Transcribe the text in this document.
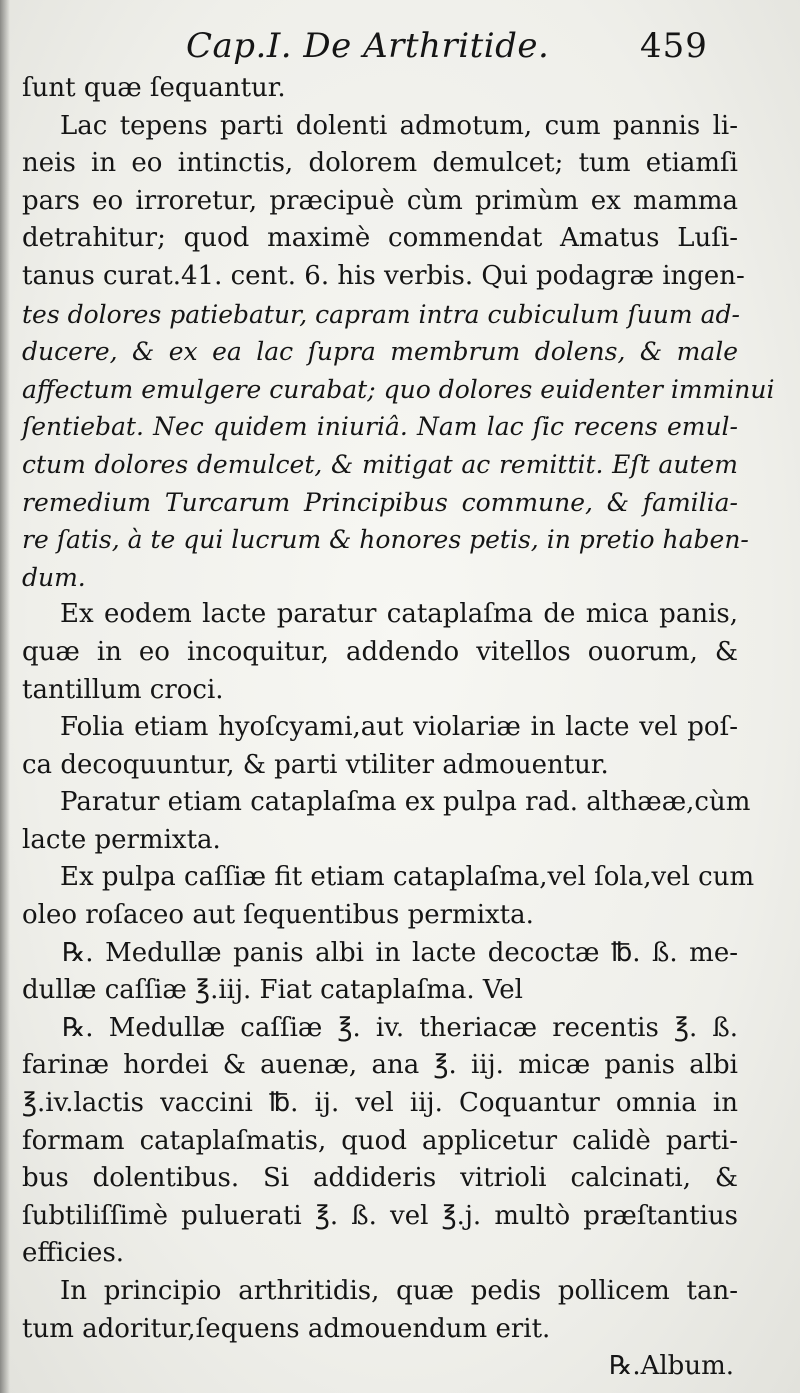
Cap.I. De Arthritide.	459
ſunt quæ ſequantur.
Lac tepens parti dolenti admotum, cum pannis li-
neis in eo intinctis, dolorem demulcet; tum etiamſi
pars eo irroretur, præcipuè cùm primùm ex mamma
detrahitur; quod maximè commendat Amatus Luſi-
tanus curat.41. cent. 6. his verbis. Qui podagræ ingen-
tes dolores patiebatur, capram intra cubiculum ſuum ad-
ducere, & ex ea lac ſupra membrum dolens, & male
affectum emulgere curabat; quo dolores euidenter imminui
ſentiebat. Nec quidem iniuriâ. Nam lac ſic recens emul-
ctum dolores demulcet, & mitigat ac remittit. Eſt autem
remedium Turcarum Principibus commune, & familia-
re ſatis, à te qui lucrum & honores petis, in pretio haben-
dum.
Ex eodem lacte paratur cataplaſma de mica panis,
quæ in eo incoquitur, addendo vitellos ouorum, &
tantillum croci.
Folia etiam hyoſcyami,aut violariæ in lacte vel poſ-
ca decoquuntur, & parti vtiliter admouentur.
Paratur etiam cataplaſma ex pulpa rad. althææ,cùm
lacte permixta.
Ex pulpa caſſiæ fit etiam cataplaſma,vel ſola,vel cum
oleo roſaceo aut ſequentibus permixta.
℞. Medullæ panis albi in lacte decoctæ ℔. ß. me-
dullæ caſſiæ ℥.iij. Fiat cataplaſma. Vel
℞. Medullæ caſſiæ ℥. iv. theriacæ recentis ℥. ß.
farinæ hordei & auenæ, ana ℥. iij. micæ panis albi
℥.iv.lactis vaccini ℔. ij. vel iij. Coquantur omnia in
formam cataplaſmatis, quod applicetur calidè parti-
bus dolentibus. Si addideris vitrioli calcinati, &
ſubtiliſſimè puluerati ℥. ß. vel ℥.j. multò præſtantius
efficies.
In principio arthritidis, quæ pedis pollicem tan-
tum adoritur,ſequens admouendum erit.
℞.Album.
